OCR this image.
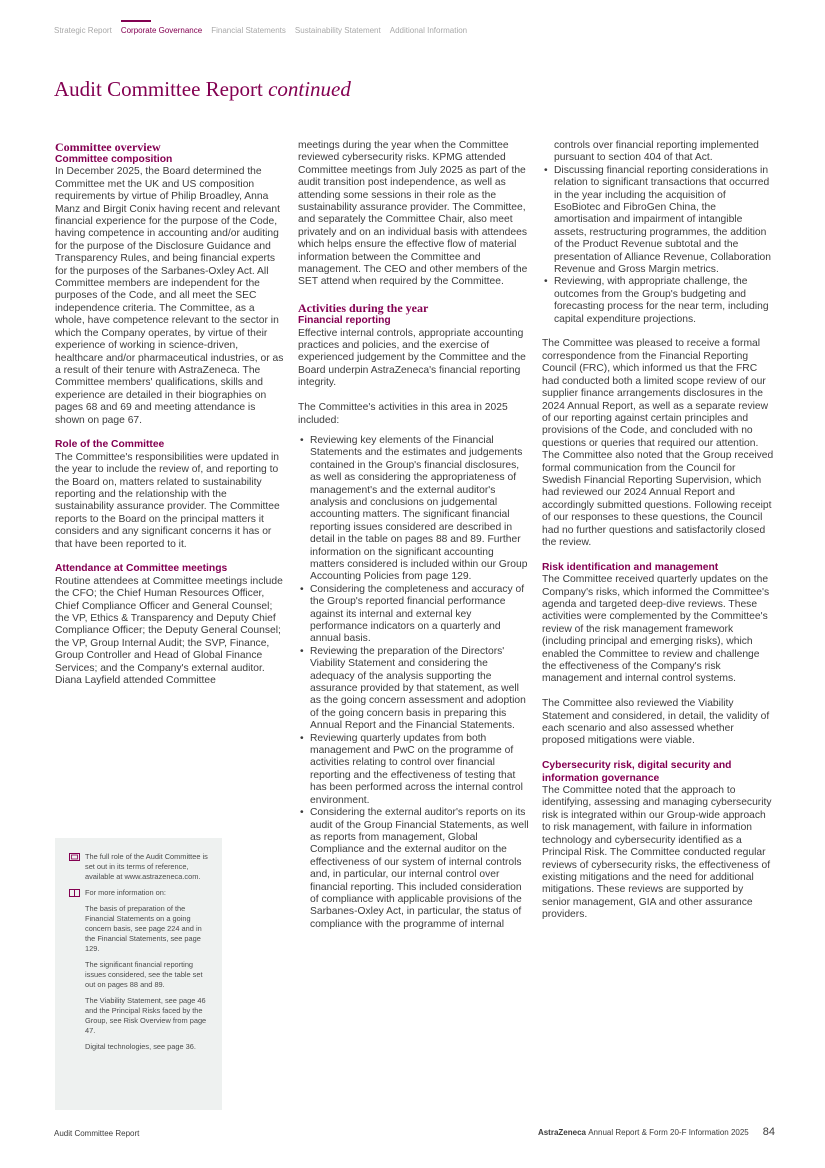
Strategic Report Corporate Governance Financial Statements Sustainability Statement Additional Information
Audit Committee Report continued

Committee overview

Committee composition

In December 2025, the Board determined the Committee met the UK and US composition requirements by virtue of Philip Broadley, Anna Manz and Birgit Conix having recent and relevant financial experience for the purpose of the Code, having competence in accounting and/or auditing for the purpose of the Disclosure Guidance and Transparency Rules, and being financial experts for the purposes of the Sarbanes-Oxley Act. All Committee members are independent for the purposes of the Code, and all meet the SEC independence criteria. The Committee, as a whole, have competence relevant to the sector in which the Company operates, by virtue of their experience of working in science-driven, healthcare and/or pharmaceutical industries, or as a result of their tenure with AstraZeneca. The Committee members' qualifications, skills and experience are detailed in their biographies on pages 68 and 69 and meeting attendance is shown on page 67.

Role of the Committee

The Committee's responsibilities were updated in the year to include the review of, and reporting to the Board on, matters related to sustainability reporting and the relationship with the sustainability assurance provider. The Committee reports to the Board on the principal matters it considers and any significant concerns it has or that have been reported to it.

Attendance at Committee meetings

Routine attendees at Committee meetings include the CFO; the Chief Human Resources Officer, Chief Compliance Officer and General Counsel; the VP, Ethics & Transparency and Deputy Chief Compliance Officer; the Deputy General Counsel; the VP, Group Internal Audit; the SVP, Finance, Group Controller and Head of Global Finance Services; and the Company's external auditor. Diana Layfield attended Committee

The full role of the Audit Committee is set out in its terms of reference, available at www.astrazeneca.com.
For more information on:

The basis of preparation of the Financial Statements on a going concern basis, see page 224 and in the Financial Statements, see page 129.

The significant financial reporting issues considered, see the table set out on pages 88 and 89.

The Viability Statement, see page 46 and the Principal Risks faced by the Group, see Risk Overview from page 47.

Digital technologies, see page 36.

meetings during the year when the Committee reviewed cybersecurity risks. KPMG attended Committee meetings from July 2025 as part of the audit transition post independence, as well as attending some sessions in their role as the sustainability assurance provider. The Committee, and separately the Committee Chair, also meet privately and on an individual basis with attendees which helps ensure the effective flow of material information between the Committee and management. The CEO and other members of the SET attend when required by the Committee.

Activities during the year

Financial reporting

Effective internal controls, appropriate accounting practices and policies, and the exercise of experienced judgement by the Committee and the Board underpin AstraZeneca's financial reporting integrity.

The Committee's activities in this area in 2025 included:

• Reviewing key elements of the Financial Statements and the estimates and judgements contained in the Group's financial disclosures, as well as considering the appropriateness of management's and the external auditor's analysis and conclusions on judgemental accounting matters. The significant financial reporting issues considered are described in detail in the table on pages 88 and 89. Further information on the significant accounting matters considered is included within our Group Accounting Policies from page 129.
• Considering the completeness and accuracy of the Group's reported financial performance against its internal and external key performance indicators on a quarterly and annual basis.
• Reviewing the preparation of the Directors' Viability Statement and considering the adequacy of the analysis supporting the assurance provided by that statement, as well as the going concern assessment and adoption of the going concern basis in preparing this Annual Report and the Financial Statements.
• Reviewing quarterly updates from both management and PwC on the programme of activities relating to control over financial reporting and the effectiveness of testing that has been performed across the internal control environment.
• Considering the external auditor's reports on its audit of the Group Financial Statements, as well as reports from management, Global Compliance and the external auditor on the effectiveness of our system of internal controls and, in particular, our internal control over financial reporting. This included consideration of compliance with applicable provisions of the Sarbanes-Oxley Act, in particular, the status of compliance with the programme of internal

controls over financial reporting implemented pursuant to section 404 of that Act.

• Discussing financial reporting considerations in relation to significant transactions that occurred in the year including the acquisition of EsoBiotec and FibroGen China, the amortisation and impairment of intangible assets, restructuring programmes, the addition of the Product Revenue subtotal and the presentation of Alliance Revenue, Collaboration Revenue and Gross Margin metrics.
• Reviewing, with appropriate challenge, the outcomes from the Group's budgeting and forecasting process for the near term, including capital expenditure projections.

The Committee was pleased to receive a formal correspondence from the Financial Reporting Council (FRC), which informed us that the FRC had conducted both a limited scope review of our supplier finance arrangements disclosures in the 2024 Annual Report, as well as a separate review of our reporting against certain principles and provisions of the Code, and concluded with no questions or queries that required our attention. The Committee also noted that the Group received formal communication from the Council for Swedish Financial Reporting Supervision, which had reviewed our 2024 Annual Report and accordingly submitted questions. Following receipt of our responses to these questions, the Council had no further questions and satisfactorily closed the review.

Risk identification and management

The Committee received quarterly updates on the Company's risks, which informed the Committee's agenda and targeted deep-dive reviews. These activities were complemented by the Committee's review of the risk management framework (including principal and emerging risks), which enabled the Committee to review and challenge the effectiveness of the Company's risk management and internal control systems.

The Committee also reviewed the Viability Statement and considered, in detail, the validity of each scenario and also assessed whether proposed mitigations were viable.

Cybersecurity risk, digital security and information governance

The Committee noted that the approach to identifying, assessing and managing cybersecurity risk is integrated within our Group-wide approach to risk management, with failure in information technology and cybersecurity identified as a Principal Risk. The Committee conducted regular reviews of cybersecurity risks, the effectiveness of existing mitigations and the need for additional mitigations. These reviews are supported by senior management, GIA and other assurance providers.

Audit Committee Report	AstraZeneca
Annual Report & Form 20-F Information 2025 84
